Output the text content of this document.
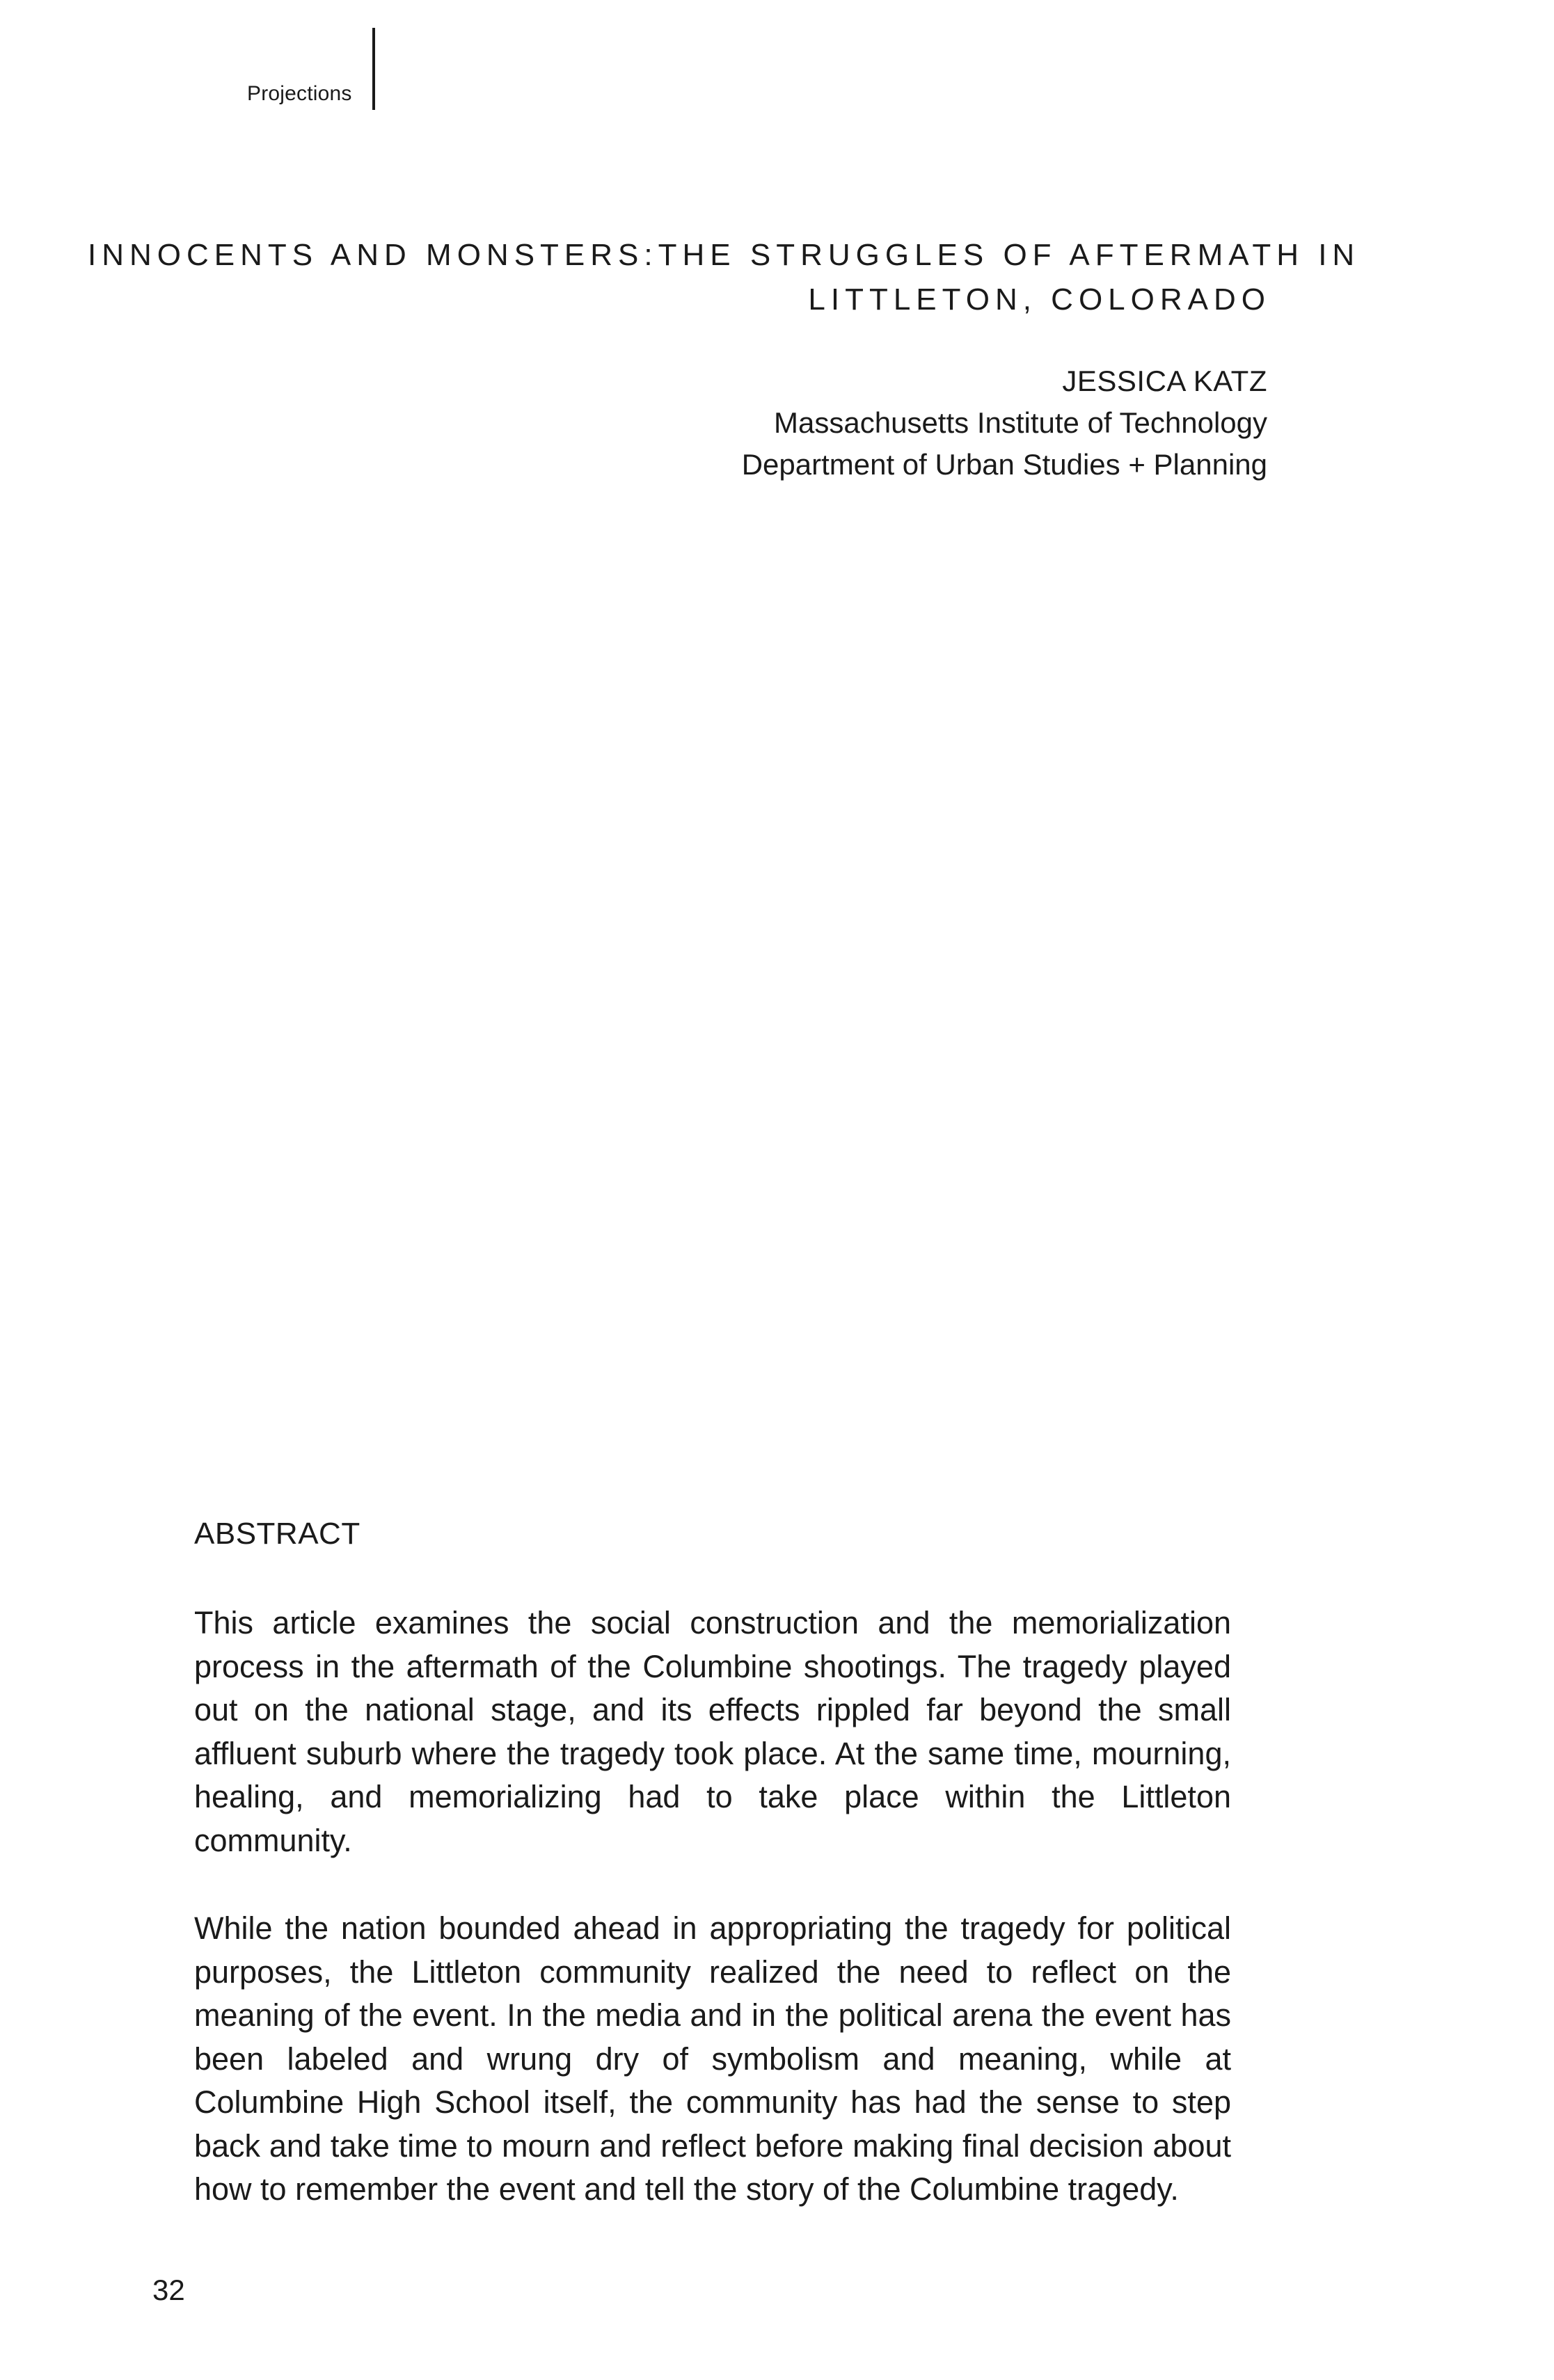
Projections
INNOCENTS AND MONSTERS:THE STRUGGLES OF AFTERMATH IN
LITTLETON, COLORADO
JESSICA KATZ
Massachusetts Institute of Technology
Department of Urban Studies + Planning
ABSTRACT

This article examines the social construction and the memorialization process in the aftermath of the Columbine shootings. The tragedy played out on the national stage, and its effects rippled far beyond the small affluent suburb where the tragedy took place. At the same time, mourning, healing, and memorializing had to take place within the Littleton community.

While the nation bounded ahead in appropriating the tragedy for political purposes, the Littleton community realized the need to reflect on the meaning of the event. In the media and in the political arena the event has been labeled and wrung dry of symbolism and meaning, while at Columbine High School itself, the community has had the sense to step back and take time to mourn and reflect before making final decision about how to remember the event and tell the story of the Columbine tragedy.

32
